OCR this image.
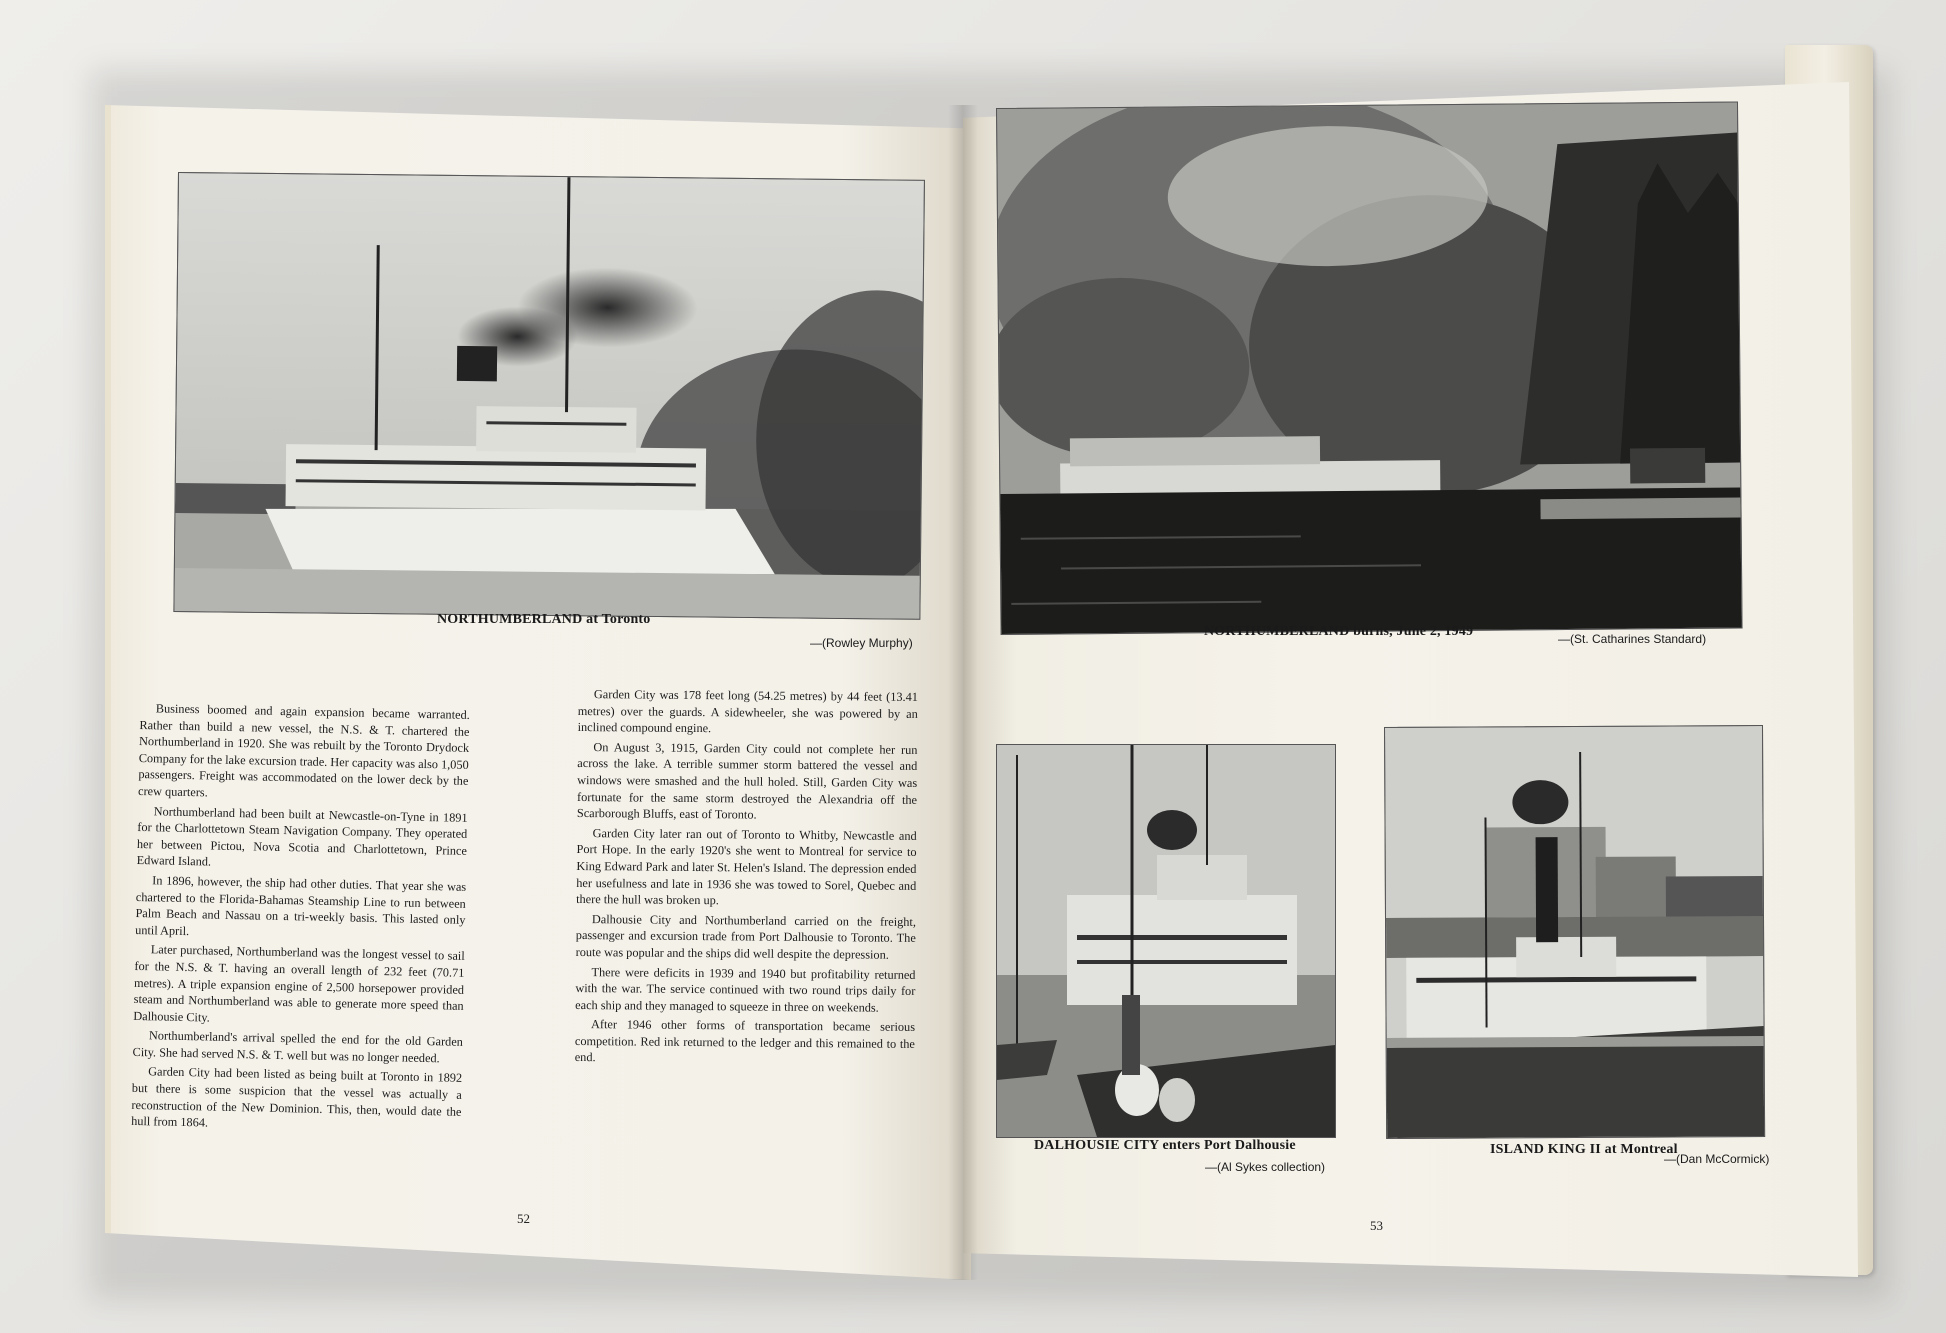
NORTHUMBERLAND at Toronto
—(Rowley Murphy)

Business boomed and again expansion became warranted. Rather than build a new vessel, the N.S. & T. chartered the Northumberland in 1920. She was rebuilt by the Toronto Drydock Company for the lake excursion trade. Her capacity was also 1,050 passengers. Freight was accommodated on the lower deck by the crew quarters.

Northumberland had been built at Newcastle-on-Tyne in 1891 for the Charlottetown Steam Navigation Company. They operated her between Pictou, Nova Scotia and Charlottetown, Prince Edward Island.

In 1896, however, the ship had other duties. That year she was chartered to the Florida-Bahamas Steamship Line to run between Palm Beach and Nassau on a tri-weekly basis. This lasted only until April.

Later purchased, Northumberland was the longest vessel to sail for the N.S. & T. having an overall length of 232 feet (70.71 metres). A triple expansion engine of 2,500 horsepower provided steam and Northumberland was able to generate more speed than Dalhousie City.

Northumberland's arrival spelled the end for the old Garden City. She had served N.S. & T. well but was no longer needed.

Garden City had been listed as being built at Toronto in 1892 but there is some suspicion that the vessel was actually a reconstruction of the New Dominion. This, then, would date the hull from 1864.

Garden City was 178 feet long (54.25 metres) by 44 feet (13.41 metres) over the guards. A sidewheeler, she was powered by an inclined compound engine.

On August 3, 1915, Garden City could not complete her run across the lake. A terrible summer storm battered the vessel and windows were smashed and the hull holed. Still, Garden City was fortunate for the same storm destroyed the Alexandria off the Scarborough Bluffs, east of Toronto.

Garden City later ran out of Toronto to Whitby, Newcastle and Port Hope. In the early 1920's she went to Montreal for service to King Edward Park and later St. Helen's Island. The depression ended her usefulness and late in 1936 she was towed to Sorel, Quebec and there the hull was broken up.

Dalhousie City and Northumberland carried on the freight, passenger and excursion trade from Port Dalhousie to Toronto. The route was popular and the ships did well despite the depression.

There were deficits in 1939 and 1940 but profitability returned with the war. The service continued with two round trips daily for each ship and they managed to squeeze in three on weekends.

After 1946 other forms of transportation became serious competition. Red ink returned to the ledger and this remained to the end.

52
NORTHUMBERLAND burns, June 2, 1949	—(St. Catharines Standard)
DALHOUSIE CITY enters Port Dalhousie
—(Al Sykes collection)
ISLAND KING II at Montreal
—(Dan McCormick)
53
